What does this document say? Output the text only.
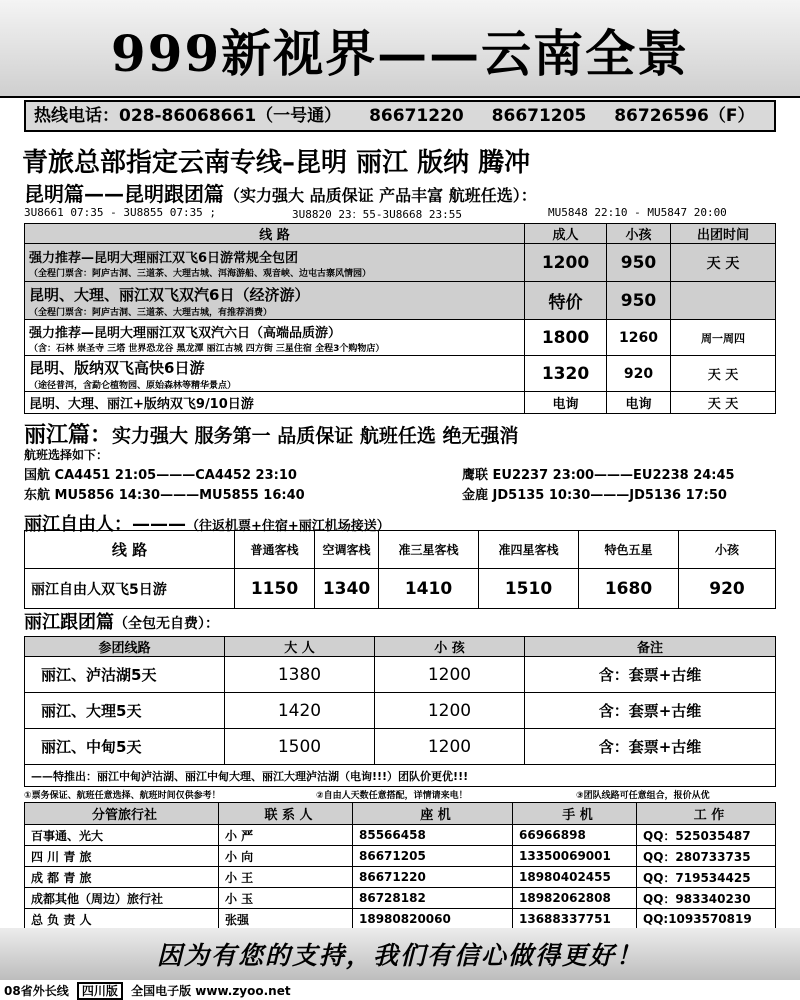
999新视界——云南全景
热线电话：028-86068661（一号通） 86671220 86671205 86726596（F）
青旅总部指定云南专线–昆明 丽江 版纳 腾冲
昆明篇——昆明跟团篇（实力强大 品质保证 产品丰富 航班任选）：
3U8661 07:35 - 3U8855 07:35 ;	3U8820 23：55-3U8668 23:55	MU5848 22:10 - MU5847 20:00
线 路	成人	小孩	出团时间
强力推荐—昆明大理丽江双飞6日游常规全包团
（全程门票含：阿庐古洞、三道茶、大理古城、洱海游船、观音峡、边屯古寨风情园）	1200	950	天 天
昆明、大理、丽江双飞双汽6日（经济游）
（全程门票含：阿庐古洞、三道茶、大理古城，有推荐消费）	特价	950	
强力推荐—昆明大理丽江双飞双汽六日（高端品质游）
（含：石林 崇圣寺 三塔 世界恐龙谷 黑龙潭 丽江古城 四方街 三星住宿 全程3个购物店）	1800	1260	周一周四
昆明、版纳双飞高快6日游
（途径普洱，含勐仑植物园、原始森林等精华景点）	1320	920	天 天
昆明、大理、丽江+版纳双飞9/10日游	电询	电询	天 天
丽江篇：实力强大 服务第一 品质保证 航班任选 绝无强消
航班选择如下：
国航 CA4451 21:05———CA4452 23:10
东航 MU5856 14:30———MU5855 16:40
鹰联 EU2237 23:00———EU2238 24:45
金鹿 JD5135 10:30———JD5136 17:50
丽江自由人：———（往返机票+住宿+丽江机场接送）
线 路	普通客栈	空调客栈	准三星客栈	准四星客栈	特色五星	小孩
丽江自由人双飞5日游	1150	1340	1410	1510	1680	920
丽江跟团篇（全包无自费）：
参团线路	大 人	小 孩	备注
丽江、泸沽湖5天	1380	1200	含：套票+古维
丽江、大理5天	1420	1200	含：套票+古维
丽江、中甸5天	1500	1200	含：套票+古维
——特推出：丽江中甸泸沽湖、丽江中甸大理、丽江大理泸沽湖（电询!!!）团队价更优!!!			
①票务保证、航班任意选择、航班时间仅供参考！	②自由人天数任意搭配，详情请来电！	③团队线路可任意组合，报价从优
分管旅行社	联 系 人	座 机	手 机	工 作
百事通、光大	小 严	85566458	66966898	QQ：525035487
四 川 青 旅	小 向	86671205	13350069001	QQ：280733735
成 都 青 旅	小 王	86671220	18980402455	QQ：719534425
成都其他（周边）旅行社	小 玉	86728182	18982062808	QQ：983340230
总 负 责 人	张强	18980820060	13688337751	QQ:1093570819
因为有您的支持，我们有信心做得更好！
08省外长线 四川版 全国电子版 www.zyoo.net
